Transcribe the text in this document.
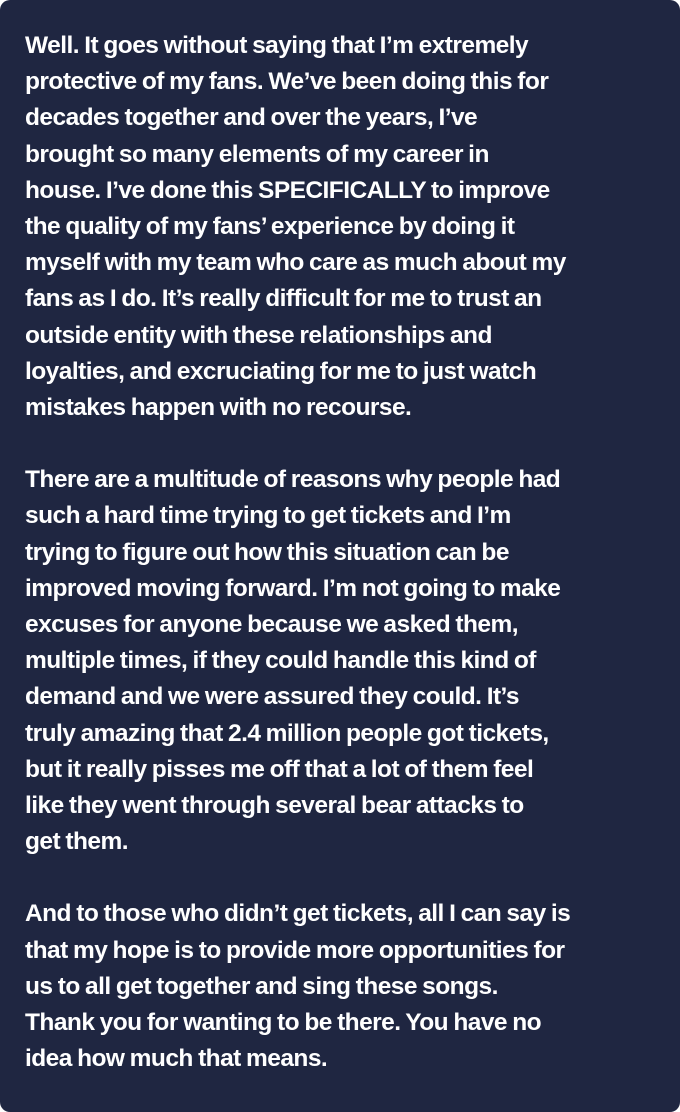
Well. It goes without saying that I’m extremely
protective of my fans. We’ve been doing this for
decades together and over the years, I’ve
brought so many elements of my career in
house. I’ve done this SPECIFICALLY to improve
the quality of my fans’ experience by doing it
myself with my team who care as much about my
fans as I do. It’s really difficult for me to trust an
outside entity with these relationships and
loyalties, and excruciating for me to just watch
mistakes happen with no recourse.

There are a multitude of reasons why people had
such a hard time trying to get tickets and I’m
trying to figure out how this situation can be
improved moving forward. I’m not going to make
excuses for anyone because we asked them,
multiple times, if they could handle this kind of
demand and we were assured they could. It’s
truly amazing that 2.4 million people got tickets,
but it really pisses me off that a lot of them feel
like they went through several bear attacks to
get them.

And to those who didn’t get tickets, all I can say is
that my hope is to provide more opportunities for
us to all get together and sing these songs.
Thank you for wanting to be there. You have no
idea how much that means.
